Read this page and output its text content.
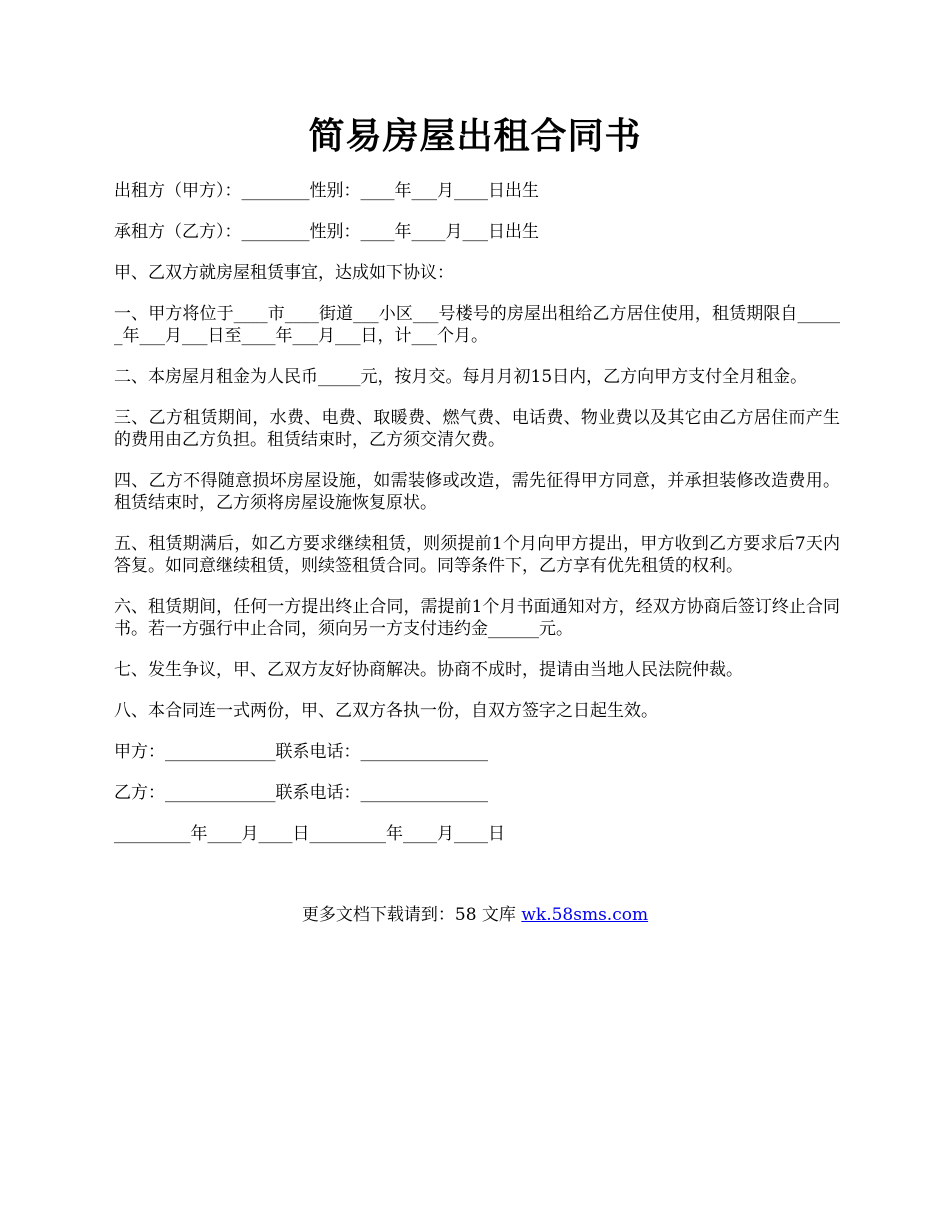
简易房屋出租合同书

出租方（甲方）：________性别：____年___月____日出生

承租方（乙方）：________性别：____年____月___日出生

甲、乙双方就房屋租赁事宜，达成如下协议：

一、甲方将位于____市____街道___小区___号楼号的房屋出租给乙方居住使用，租赁期限自______年___月___日至____年___月___日，计___个月。

二、本房屋月租金为人民币_____元，按月交。每月月初15日内，乙方向甲方支付全月租金。

三、乙方租赁期间，水费、电费、取暖费、燃气费、电话费、物业费以及其它由乙方居住而产生的费用由乙方负担。租赁结束时，乙方须交清欠费。

四、乙方不得随意损坏房屋设施，如需装修或改造，需先征得甲方同意，并承担装修改造费用。租赁结束时，乙方须将房屋设施恢复原状。

五、租赁期满后，如乙方要求继续租赁，则须提前1个月向甲方提出，甲方收到乙方要求后7天内答复。如同意继续租赁，则续签租赁合同。同等条件下，乙方享有优先租赁的权利。

六、租赁期间，任何一方提出终止合同，需提前1个月书面通知对方，经双方协商后签订终止合同书。若一方强行中止合同，须向另一方支付违约金______元。

七、发生争议，甲、乙双方友好协商解决。协商不成时，提请由当地人民法院仲裁。

八、本合同连一式两份，甲、乙双方各执一份，自双方签字之日起生效。

甲方：_____________联系电话：_______________

乙方：_____________联系电话：_______________

_________年____月____日_________年____月____日

更多文档下载请到：58 文库 wk.58sms.com
